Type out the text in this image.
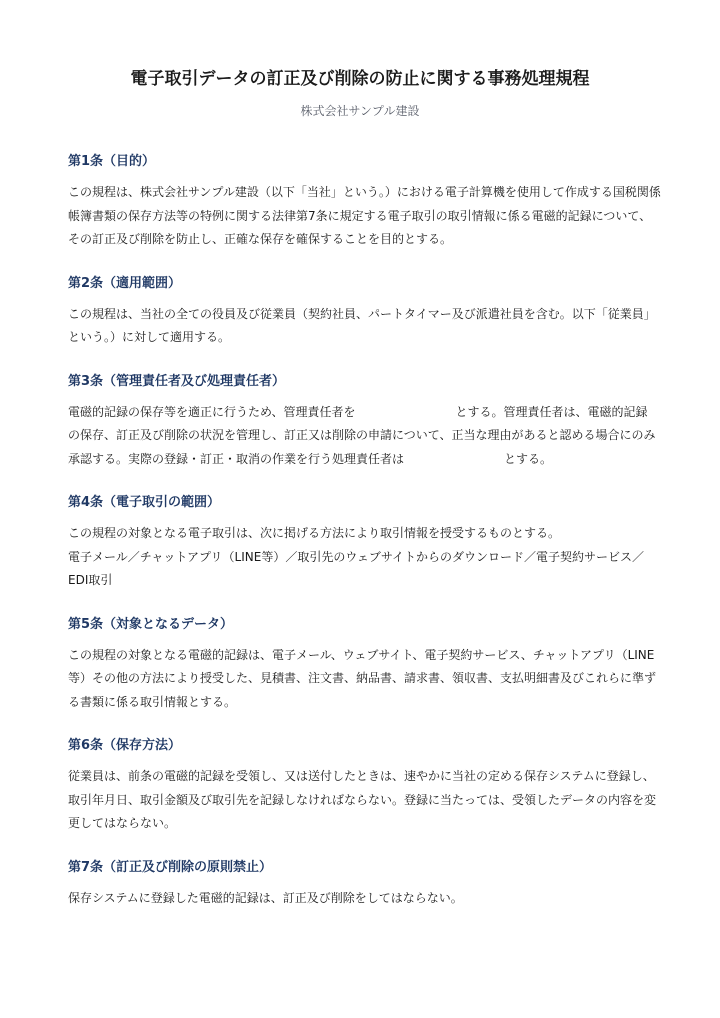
電子取引データの訂正及び削除の防止に関する事務処理規程
株式会社サンプル建設
第1条（目的）

この規程は、株式会社サンプル建設（以下「当社」という。）における電子計算機を使用して作成する国税関係
帳簿書類の保存方法等の特例に関する法律第7条に規定する電子取引の取引情報に係る電磁的記録について、
その訂正及び削除を防止し、正確な保存を確保することを目的とする。

第2条（適用範囲）

この規程は、当社の全ての役員及び従業員（契約社員、パートタイマー及び派遣社員を含む。以下「従業員」
という。）に対して適用する。

第3条（管理責任者及び処理責任者）

電磁的記録の保存等を適正に行うため、管理責任者を	とする。管理責任者は、電磁的記録
の保存、訂正及び削除の状況を管理し、訂正又は削除の申請について、正当な理由があると認める場合にのみ
承認する。実際の登録・訂正・取消の作業を行う処理責任者は	とする。

第4条（電子取引の範囲）

この規程の対象となる電子取引は、次に掲げる方法により取引情報を授受するものとする。
電子メール／チャットアプリ（LINE等）／取引先のウェブサイトからのダウンロード／電子契約サービス／
EDI取引

第5条（対象となるデータ）

この規程の対象となる電磁的記録は、電子メール、ウェブサイト、電子契約サービス、チャットアプリ（LINE
等）その他の方法により授受した、見積書、注文書、納品書、請求書、領収書、支払明細書及びこれらに準ず
る書類に係る取引情報とする。

第6条（保存方法）

従業員は、前条の電磁的記録を受領し、又は送付したときは、速やかに当社の定める保存システムに登録し、
取引年月日、取引金額及び取引先を記録しなければならない。登録に当たっては、受領したデータの内容を変
更してはならない。

第7条（訂正及び削除の原則禁止）

保存システムに登録した電磁的記録は、訂正及び削除をしてはならない。
